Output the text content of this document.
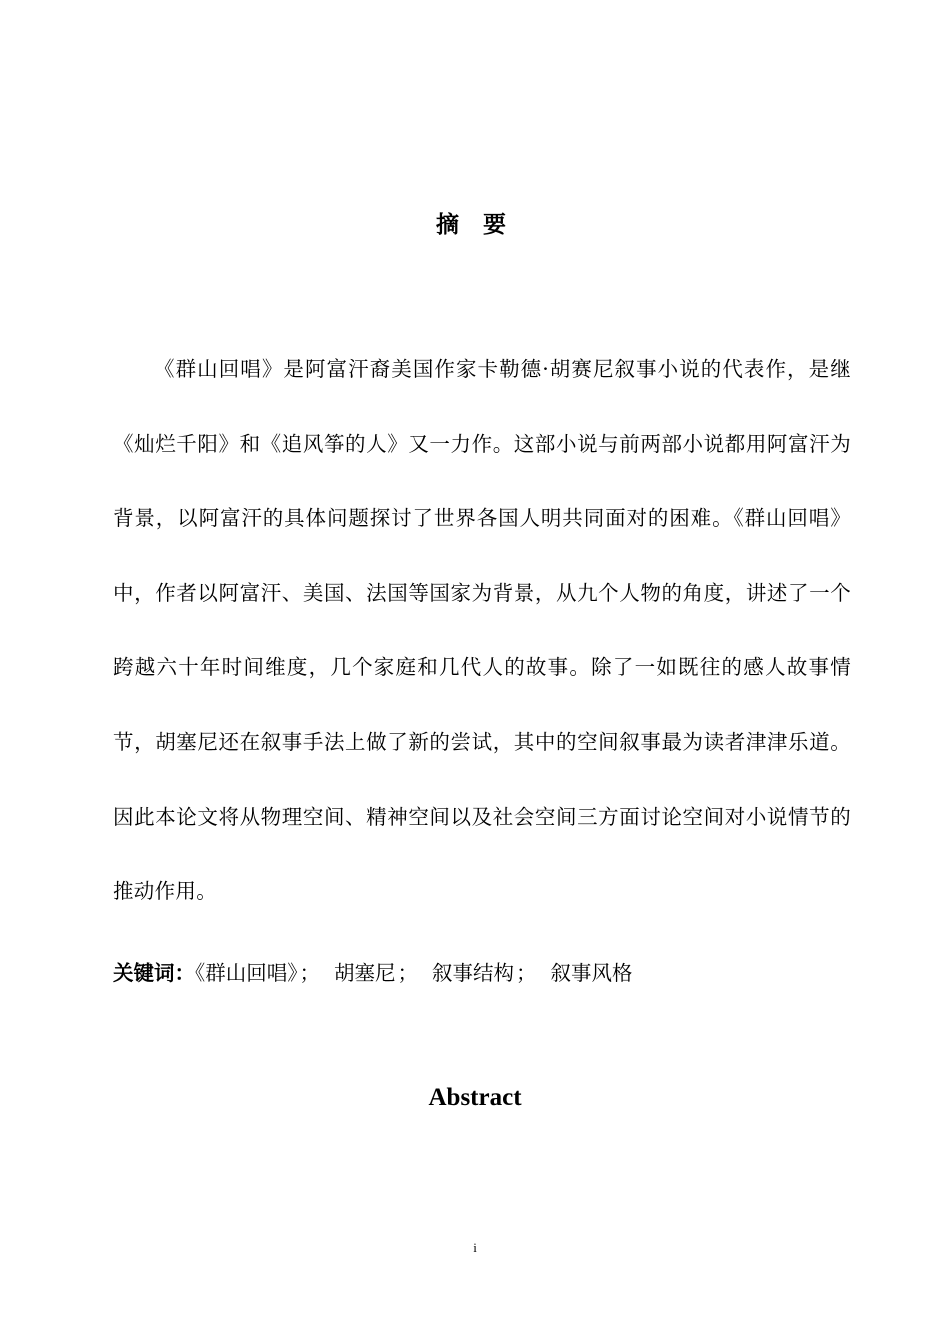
摘 要

《群山回唱》是阿富汗裔美国作家卡勒德·胡赛尼叙事小说的代表作，是继《灿烂千阳》和《追风筝的人》又一力作。这部小说与前两部小说都用阿富汗为背景，以阿富汗的具体问题探讨了世界各国人明共同面对的困难。《群山回唱》中，作者以阿富汗、美国、法国等国家为背景，从九个人物的角度，讲述了一个跨越六十年时间维度，几个家庭和几代人的故事。除了一如既往的感人故事情节，胡塞尼还在叙事手法上做了新的尝试，其中的空间叙事最为读者津津乐道。因此本论文将从物理空间、精神空间以及社会空间三方面讨论空间对小说情节的推动作用。

关键词：《群山回唱》； 胡塞尼； 叙事结构； 叙事风格
Abstract
i
